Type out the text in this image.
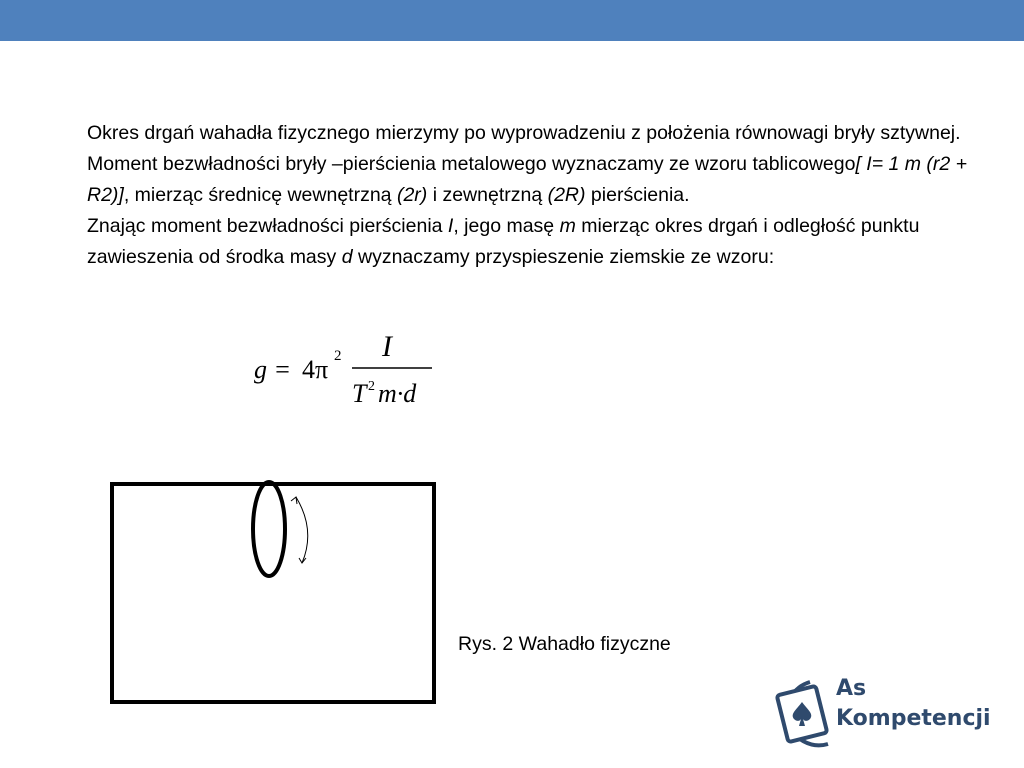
Okres drgań wahadła fizycznego mierzymy po wyprowadzeniu z położenia równowagi bryły sztywnej. Moment bezwładności bryły –pierścienia metalowego wyznaczamy ze wzoru tablicowego[ I= 1 m (r2 + R2)], mierząc średnicę wewnętrzną (2r) i zewnętrzną (2R) pierścienia.

Znając moment bezwładności pierścienia I, jego masę m mierząc okres drgań i odległość punktu zawieszenia od środka masy d wyznaczamy przyspieszenie ziemskie ze wzoru:

g = 4π 2 I
T 2 m·d
Rys. 2 Wahadło fizyczne
As
Kompetencji
